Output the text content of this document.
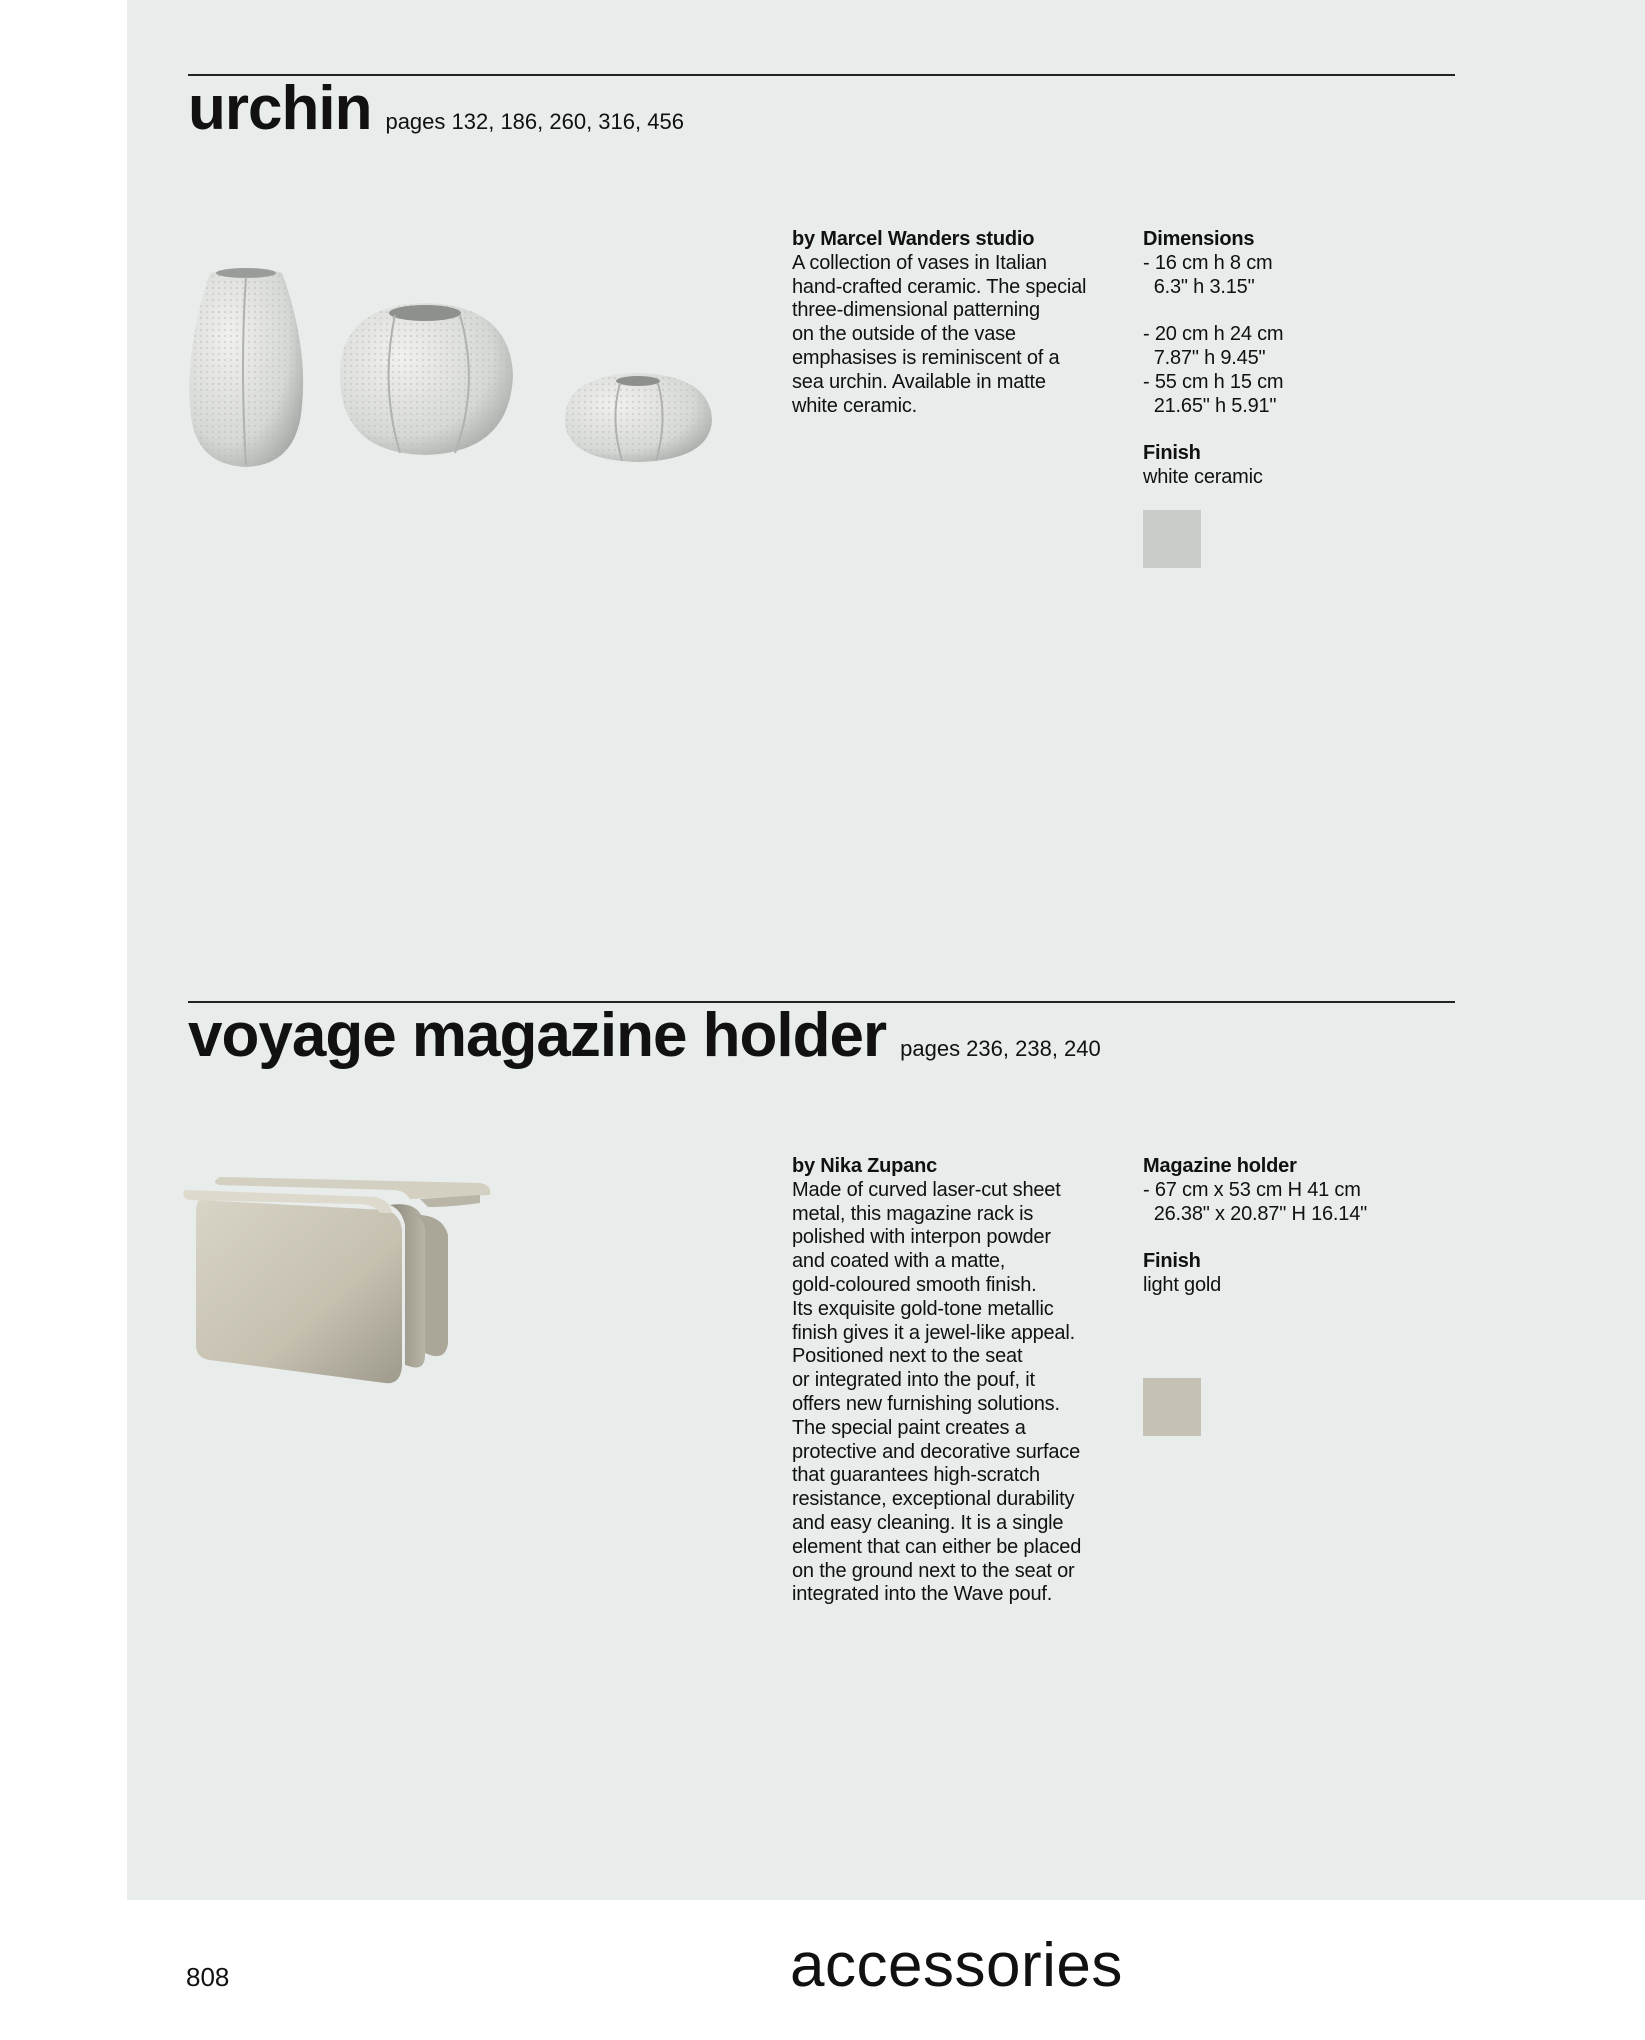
urchin pages 132, 186, 260, 316, 456
by Marcel Wanders studio

A collection of vases in Italian
hand-crafted ceramic. The special
three-dimensional patterning
on the outside of the vase
emphasises is reminiscent of a
sea urchin. Available in matte
white ceramic.

Dimensions
- 16 cm h 8 cm
6.3" h 3.15"
- 20 cm h 24 cm
7.87" h 9.45"
- 55 cm h 15 cm
21.65" h 5.91"
Finish
white ceramic
voyage magazine holder pages 236, 238, 240
by Nika Zupanc

Made of curved laser-cut sheet
metal, this magazine rack is
polished with interpon powder
and coated with a matte,
gold-coloured smooth finish.
Its exquisite gold-tone metallic
finish gives it a jewel-like appeal.
Positioned next to the seat
or integrated into the pouf, it
offers new furnishing solutions.
The special paint creates a
protective and decorative surface
that guarantees high-scratch
resistance, exceptional durability
and easy cleaning. It is a single
element that can either be placed
on the ground next to the seat or
integrated into the Wave pouf.

Magazine holder
- 67 cm x 53 cm H 41 cm
26.38" x 20.87" H 16.14"
Finish
light gold
808	accessories
